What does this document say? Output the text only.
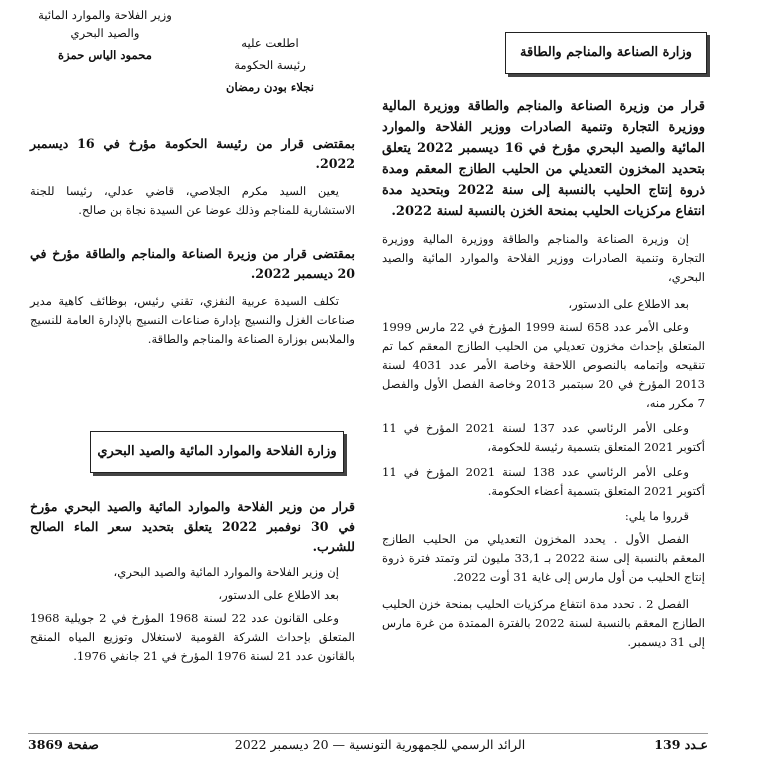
وزير الفلاحة والموارد المائية
والصيد البحري
محمود الياس حمزة
اطلعت عليه
رئيسة الحكومة
نجلاء بودن رمضان
وزارة الصناعة والمناجم والطاقة
قرار من وزيرة الصناعة والمناجم والطاقة ووزيرة المالية ووزيرة التجارة وتنمية الصادرات ووزير الفلاحة والموارد المائية والصيد البحري مؤرخ في 16 ديسمبر 2022 يتعلق بتحديد المخزون التعديلي من الحليب الطازج المعقم ومدة ذروة إنتاج الحليب بالنسبة إلى سنة 2022 وبتحديد مدة انتفاع مركزيات الحليب بمنحة الخزن بالنسبة لسنة 2022.
إن وزيرة الصناعة والمناجم والطاقة ووزيرة المالية ووزيرة التجارة وتنمية الصادرات ووزير الفلاحة والموارد المائية والصيد البحري،
بعد الاطلاع على الدستور،
وعلى الأمر عدد 658 لسنة 1999 المؤرخ في 22 مارس 1999 المتعلق بإحداث مخزون تعديلي من الحليب الطازج المعقم كما تم تنقيحه وإتمامه بالنصوص اللاحقة وخاصة الأمر عدد 4031 لسنة 2013 المؤرخ في 20 سبتمبر 2013 وخاصة الفصل الأول والفصل 7 مكرر منه،
وعلى الأمر الرئاسي عدد 137 لسنة 2021 المؤرخ في 11 أكتوبر 2021 المتعلق بتسمية رئيسة للحكومة،
وعلى الأمر الرئاسي عدد 138 لسنة 2021 المؤرخ في 11 أكتوبر 2021 المتعلق بتسمية أعضاء الحكومة.
قرروا ما يلي:
الفصل الأول . يحدد المخزون التعديلي من الحليب الطازج المعقم بالنسبة إلى سنة 2022 بـ 33,1 مليون لتر وتمتد فترة ذروة إنتاج الحليب من أول مارس إلى غاية 31 أوت 2022.
الفصل 2 . تحدد مدة انتفاع مركزيات الحليب بمنحة خزن الحليب الطازج المعقم بالنسبة لسنة 2022 بالفترة الممتدة من غرة مارس إلى 31 ديسمبر.
بمقتضى قرار من رئيسة الحكومة مؤرخ في 16 ديسمبر 2022.
يعين السيد مكرم الجلاصي، قاضي عدلي، رئيسا للجنة الاستشارية للمناجم وذلك عوضا عن السيدة نجاة بن صالح.
بمقتضى قرار من وزيرة الصناعة والمناجم والطاقة مؤرخ في 20 ديسمبر 2022.
تكلف السيدة عربية النفزي، تقني رئيس، بوظائف كاهية مدير صناعات الغزل والنسيج بإدارة صناعات النسيج بالإدارة العامة للنسيج والملابس بوزارة الصناعة والمناجم والطاقة.
وزارة الفلاحة والموارد المائية والصيد البحري
قرار من وزير الفلاحة والموارد المائية والصيد البحري مؤرخ في 30 نوفمبر 2022 يتعلق بتحديد سعر الماء الصالح للشرب.
إن وزير الفلاحة والموارد المائية والصيد البحري،
بعد الاطلاع على الدستور،
وعلى القانون عدد 22 لسنة 1968 المؤرخ في 2 جويلية 1968 المتعلق بإحداث الشركة القومية لاستغلال وتوزيع المياه المنقح بالقانون عدد 21 لسنة 1976 المؤرخ في 21 جانفي 1976.
عـدد 139
الرائد الرسمي للجمهورية التونسية — 20 ديسمبر 2022
صفحة 3869
